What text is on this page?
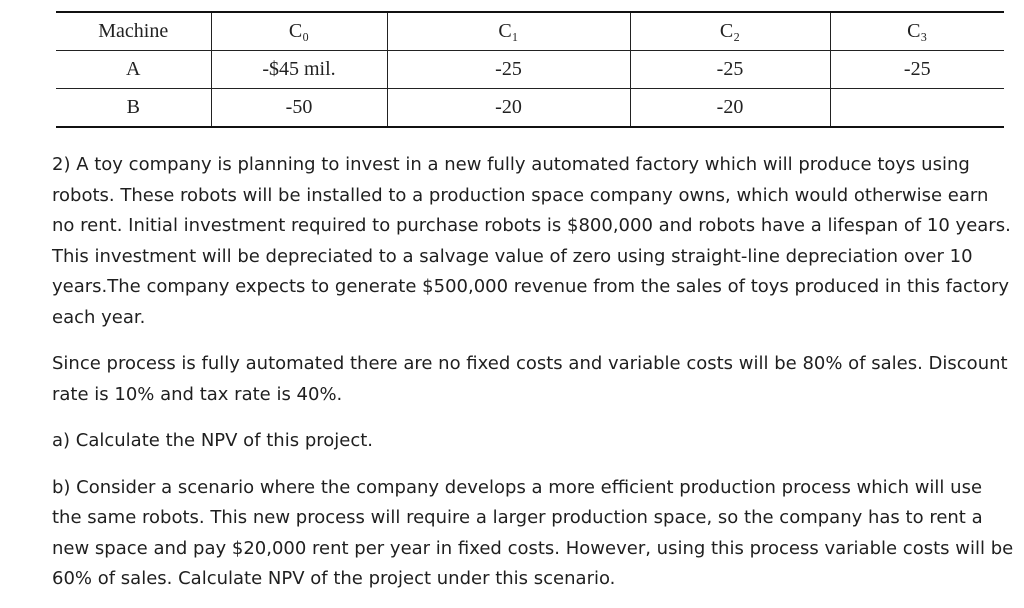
Machine	C₀	C₁	C₂	C₃
A	-$45 mil.	-25	-25	-25
B	-50	-20	-20	

2) A toy company is planning to invest in a new fully automated factory which will produce toys using robots. These robots will be installed to a production space company owns, which would otherwise earn no rent. Initial investment required to purchase robots is $800,000 and robots have a lifespan of 10 years. This investment will be depreciated to a salvage value of zero using straight-line depreciation over 10 years.The company expects to generate $500,000 revenue from the sales of toys produced in this factory each year.

Since process is fully automated there are no fixed costs and variable costs will be 80% of sales. Discount rate is 10% and tax rate is 40%.

a) Calculate the NPV of this project.

b) Consider a scenario where the company develops a more efficient production process which will use the same robots. This new process will require a larger production space, so the company has to rent a new space and pay $20,000 rent per year in fixed costs. However, using this process variable costs will be 60% of sales. Calculate NPV of the project under this scenario.
